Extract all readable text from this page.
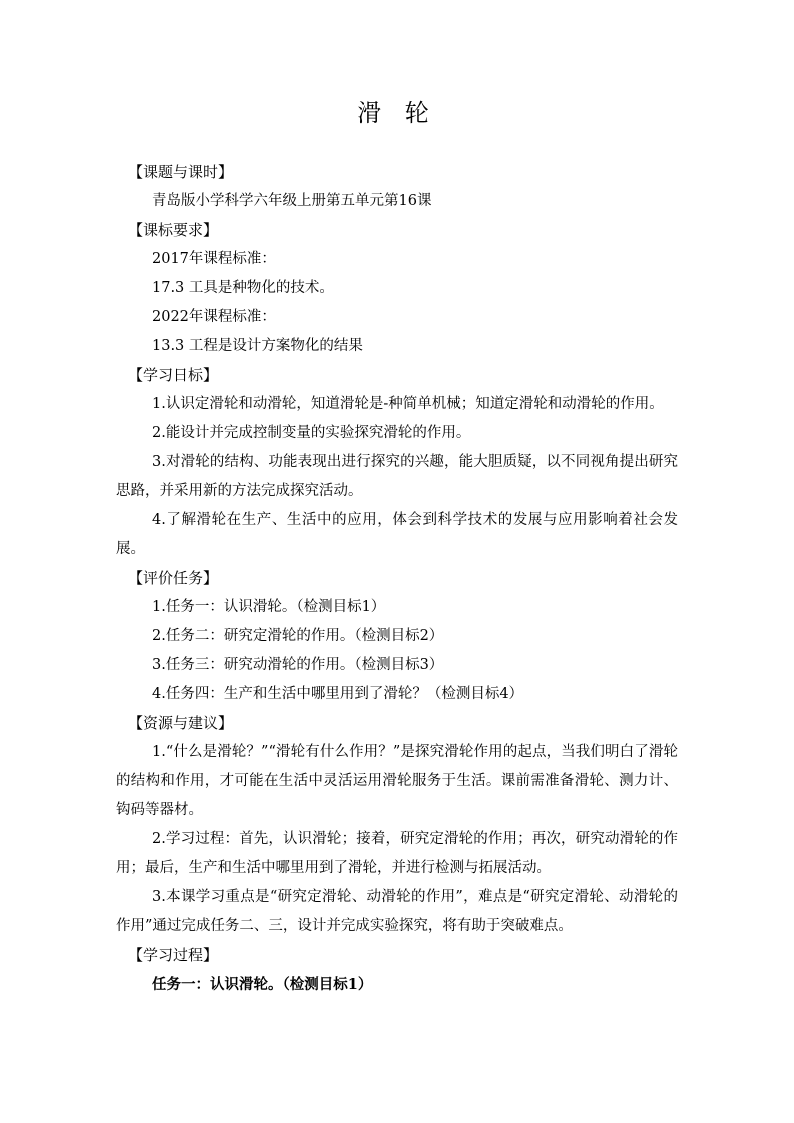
滑 轮
【课题与课时】
青岛版小学科学六年级上册第五单元第16课
【课标要求】
2017年课程标准：
17.3 工具是种物化的技术。
2022年课程标准：
13.3 工程是设计方案物化的结果
【学习日标】
1.认识定滑轮和动滑轮，知道滑轮是-种简单机械；知道定滑轮和动滑轮的作用。
2.能设计并完成控制变量的实验探究滑轮的作用。
3.对滑轮的结构、功能表现出进行探究的兴趣，能大胆质疑，以不同视角提出研究思路，并采用新的方法完成探究活动。
4.了解滑轮在生产、生活中的应用，体会到科学技术的发展与应用影响着社会发展。
【评价任务】
1.任务一：认识滑轮。（检测目标1）
2.任务二：研究定滑轮的作用。（检测目标2）
3.任务三：研究动滑轮的作用。（检测目标3）
4.任务四：生产和生活中哪里用到了滑轮？（检测目标4）
【资源与建议】
1.“什么是滑轮？”“滑轮有什么作用？”是探究滑轮作用的起点，当我们明白了滑轮的结构和作用，才可能在生活中灵活运用滑轮服务于生活。课前需准备滑轮、测力计、钩码等器材。
2.学习过程：首先，认识滑轮；接着，研究定滑轮的作用；再次，研究动滑轮的作用；最后，生产和生活中哪里用到了滑轮，并进行检测与拓展活动。
3.本课学习重点是“研究定滑轮、动滑轮的作用”，难点是“研究定滑轮、动滑轮的作用”通过完成任务二、三，设计并完成实验探究，将有助于突破难点。
【学习过程】
任务一：认识滑轮。（检测目标1）
